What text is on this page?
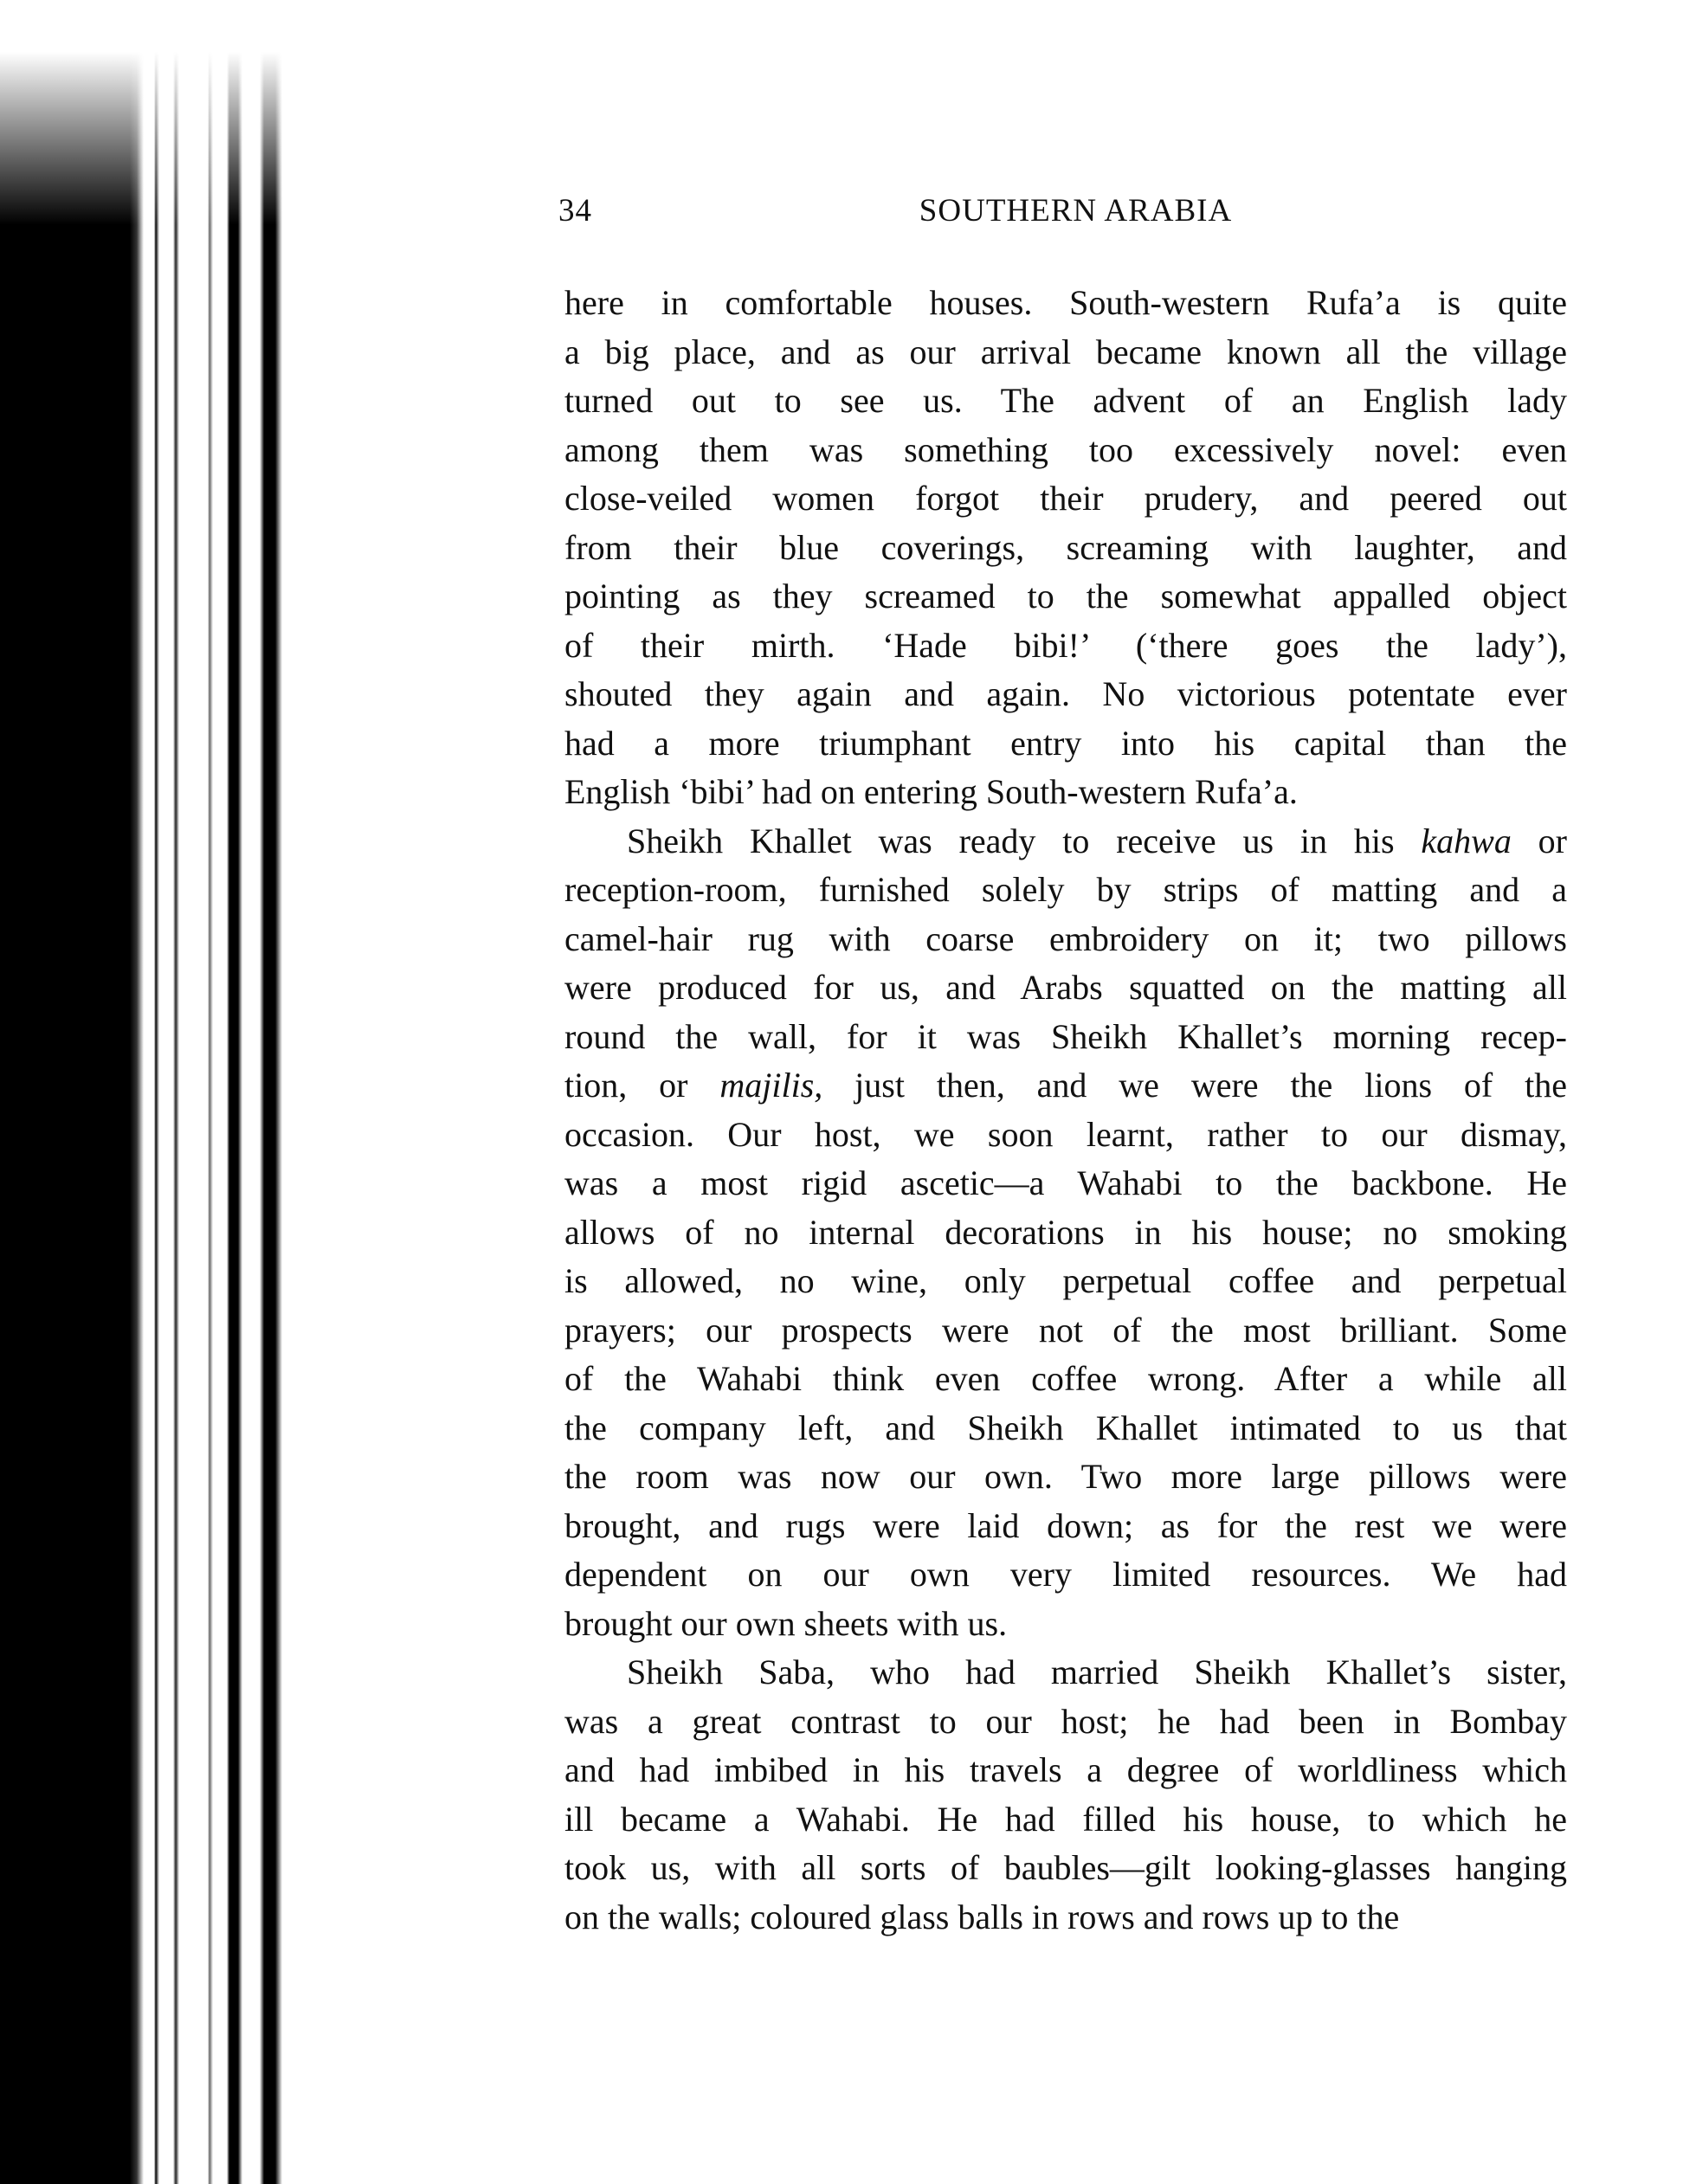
34	SOUTHERN ARABIA
here in comfortable houses. South-western Rufa’a is quite
a big place, and as our arrival became known all the village
turned out to see us. The advent of an English lady
among them was something too excessively novel: even
close-veiled women forgot their prudery, and peered out
from their blue coverings, screaming with laughter, and
pointing as they screamed to the somewhat appalled object
of their mirth. ‘Hade bibi!’ (‘there goes the lady’),
shouted they again and again. No victorious potentate ever
had a more triumphant entry into his capital than the
English ‘bibi’ had on entering South-western Rufa’a.
Sheikh Khallet was ready to receive us in his kahwa or
reception-room, furnished solely by strips of matting and a
camel-hair rug with coarse embroidery on it; two pillows
were produced for us, and Arabs squatted on the matting all
round the wall, for it was Sheikh Khallet’s morning recep-
tion, or majilis, just then, and we were the lions of the
occasion. Our host, we soon learnt, rather to our dismay,
was a most rigid ascetic—a Wahabi to the backbone. He
allows of no internal decorations in his house; no smoking
is allowed, no wine, only perpetual coffee and perpetual
prayers; our prospects were not of the most brilliant. Some
of the Wahabi think even coffee wrong. After a while all
the company left, and Sheikh Khallet intimated to us that
the room was now our own. Two more large pillows were
brought, and rugs were laid down; as for the rest we were
dependent on our own very limited resources. We had
brought our own sheets with us.
Sheikh Saba, who had married Sheikh Khallet’s sister,
was a great contrast to our host; he had been in Bombay
and had imbibed in his travels a degree of worldliness which
ill became a Wahabi. He had filled his house, to which he
took us, with all sorts of baubles—gilt looking-glasses hanging
on the walls; coloured glass balls in rows and rows up to the
